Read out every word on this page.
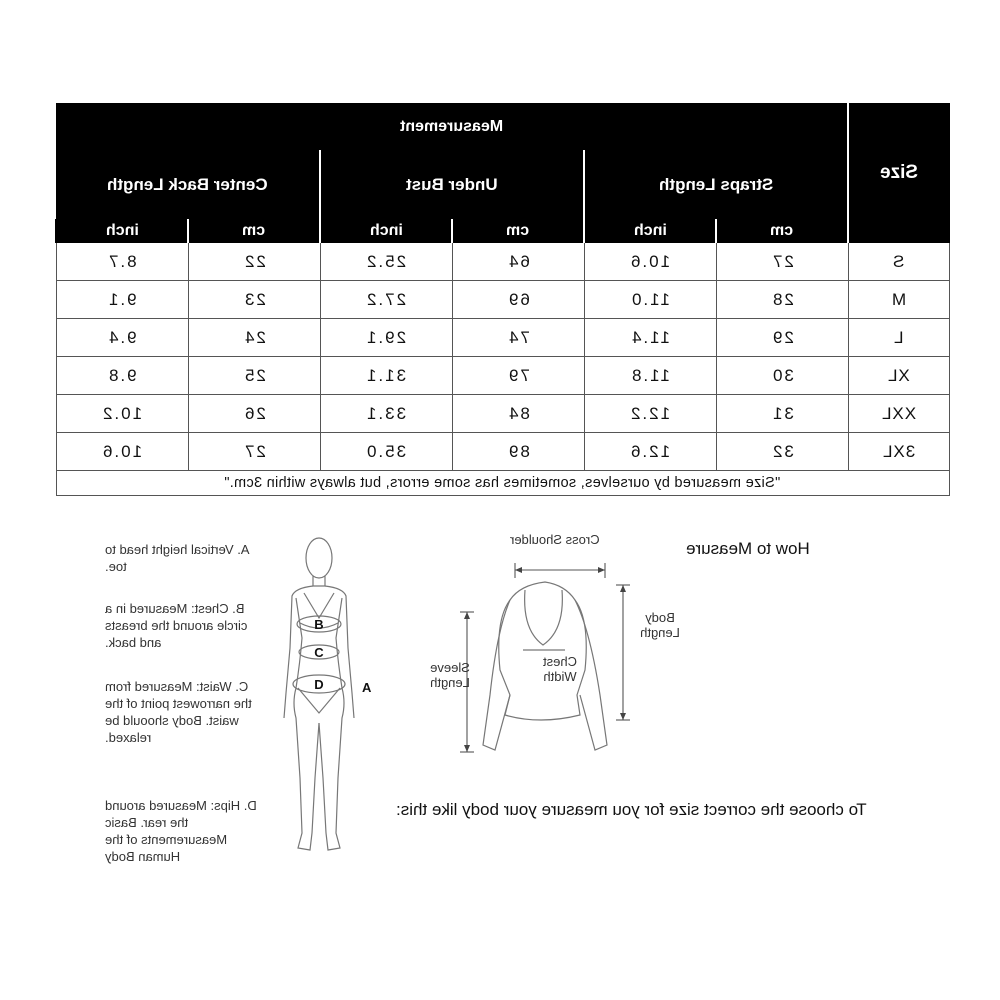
Measurement						Size
Center Back Length		Under Bust		Straps Length		
inch	cm	inch	cm	inch	cm	
8.7	22	25.2	64	10.6	27	S
9.1	23	27.2	69	11.0	28	M
9.4	24	29.1	74	11.4	29	L
9.8	25	31.1	79	11.8	30	XL
10.2	26	33.1	84	12.2	31	XXL
10.6	27	35.0	89	12.6	32	3XL
"Size measured by ourselves, sometimes has some errors, but always within 3cm."						
B
C
D	A
A. Vertical height head to toe.
B. Chest: Measured in a circle around the breasts and back.
C. Waist: Measured from the narrowest point of the waist. Body shoould be relaxed.
D. Hips: Measured around the rear. Basic Measurements of the Human Body
Cross Shoulder
Body Length
Sleeve Length
Chest Width
How to Measure
To choose the correct size for you measure your body like this:
